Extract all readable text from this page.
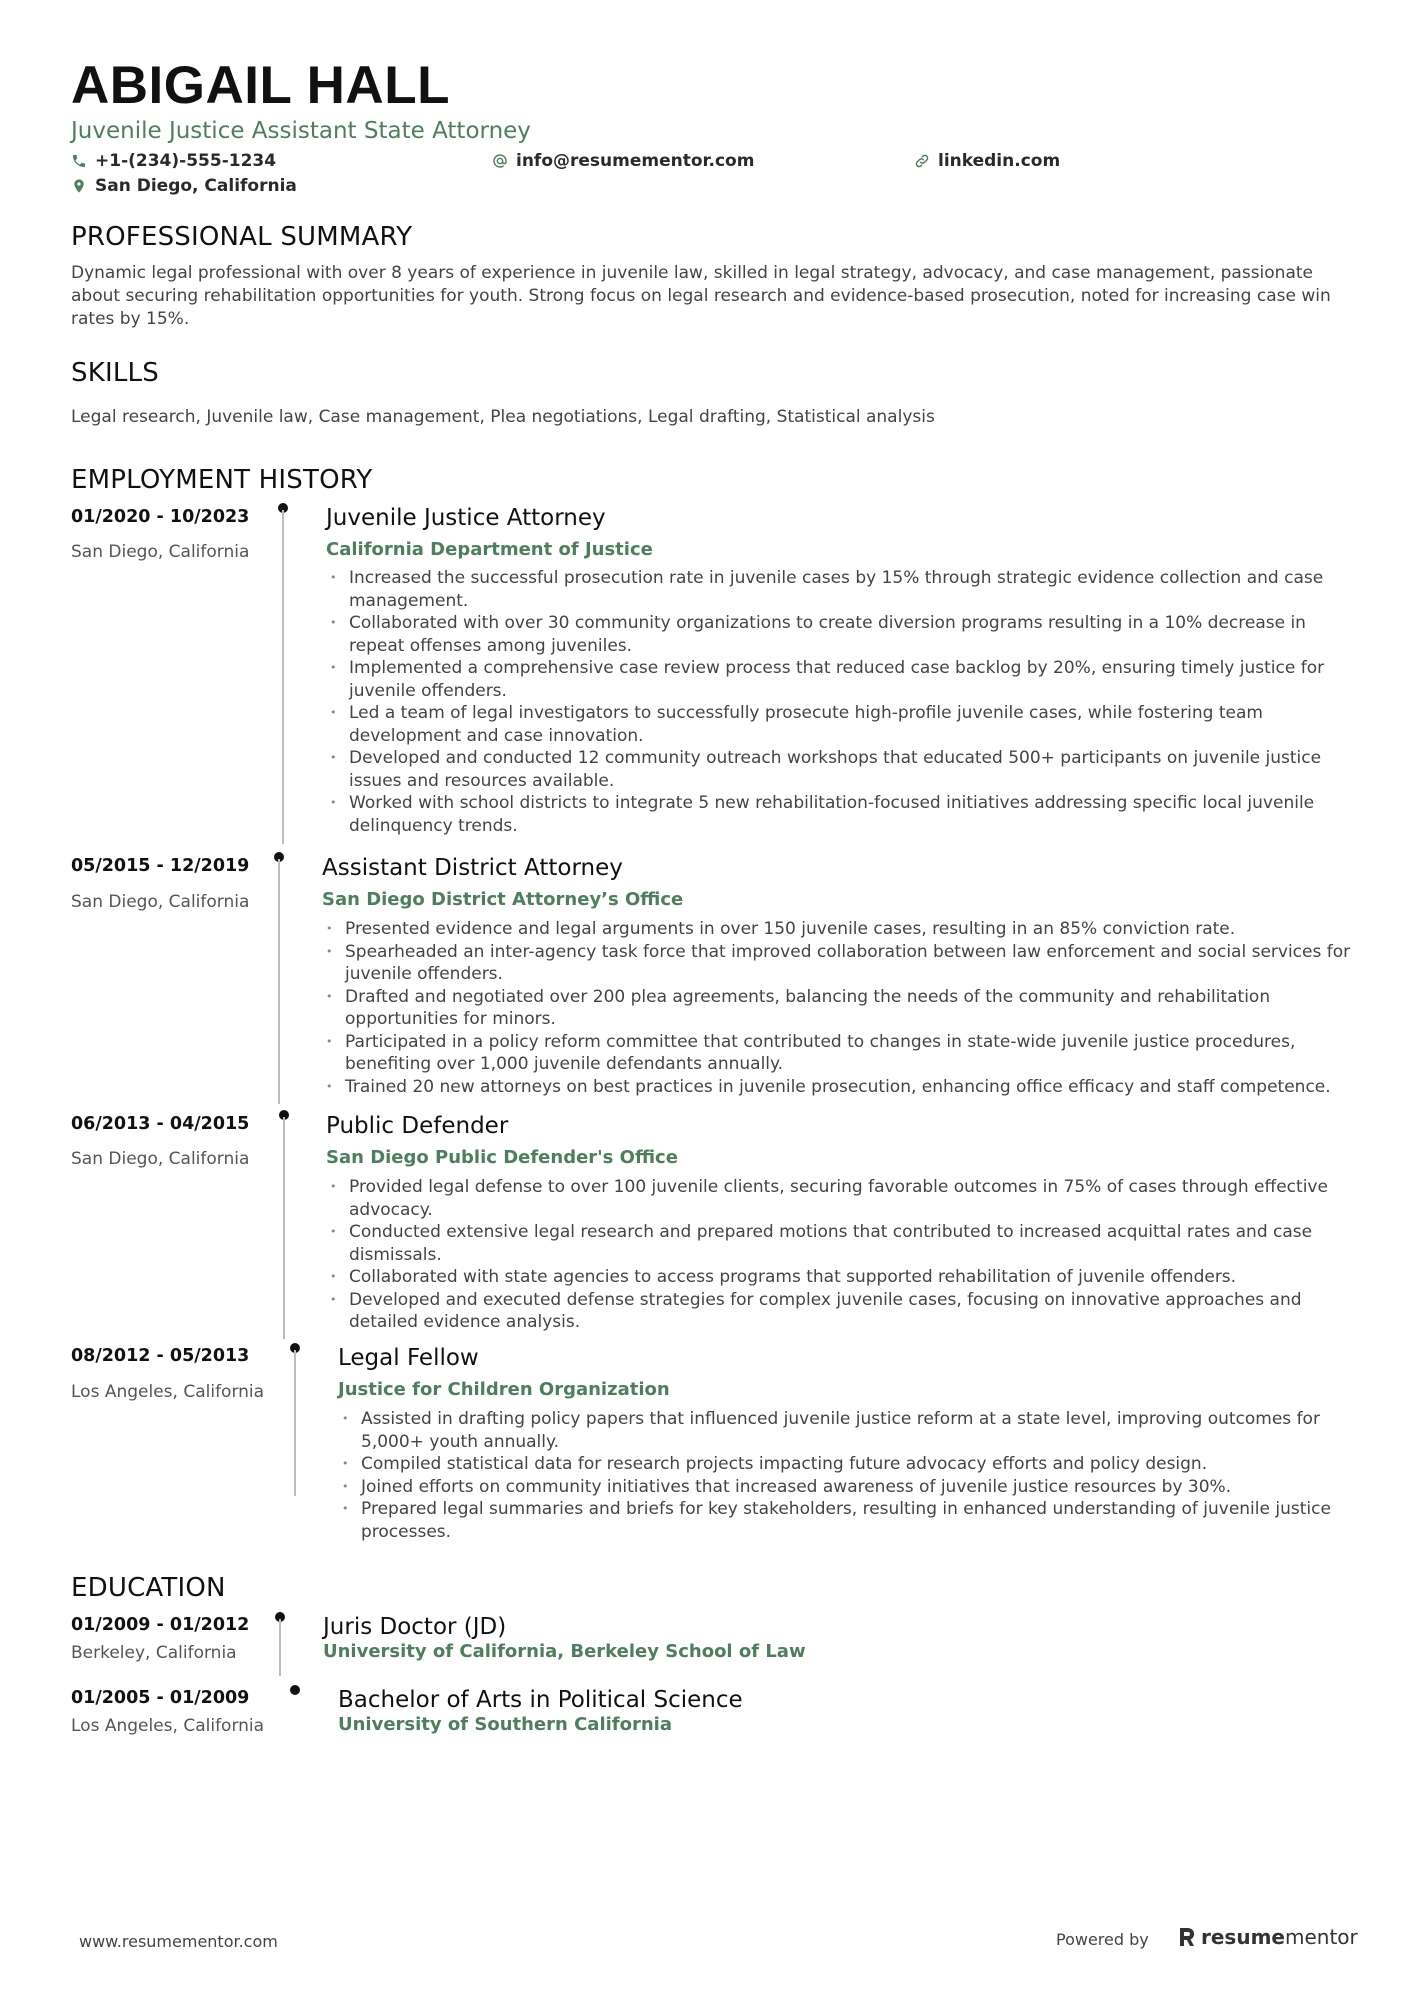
ABIGAIL HALL
Juvenile Justice Assistant State Attorney
+1-(234)-555-1234	info@resumementor.com	linkedin.com
San Diego, California
PROFESSIONAL SUMMARY
Dynamic legal professional with over 8 years of experience in juvenile law, skilled in legal strategy, advocacy, and case management, passionate about securing rehabilitation opportunities for youth. Strong focus on legal research and evidence-based prosecution, noted for increasing case win rates by 15%.
SKILLS
Legal research, Juvenile law, Case management, Plea negotiations, Legal drafting, Statistical analysis
EMPLOYMENT HISTORY
01/2020 - 10/2023
San Diego, California
Juvenile Justice Attorney
California Department of Justice
• Increased the successful prosecution rate in juvenile cases by 15% through strategic evidence collection and case management.
• Collaborated with over 30 community organizations to create diversion programs resulting in a 10% decrease in repeat offenses among juveniles.
• Implemented a comprehensive case review process that reduced case backlog by 20%, ensuring timely justice for juvenile offenders.
• Led a team of legal investigators to successfully prosecute high-profile juvenile cases, while fostering team development and case innovation.
• Developed and conducted 12 community outreach workshops that educated 500+ participants on juvenile justice issues and resources available.
• Worked with school districts to integrate 5 new rehabilitation-focused initiatives addressing specific local juvenile delinquency trends.
05/2015 - 12/2019
San Diego, California
Assistant District Attorney
San Diego District Attorney’s Office
• Presented evidence and legal arguments in over 150 juvenile cases, resulting in an 85% conviction rate.
• Spearheaded an inter-agency task force that improved collaboration between law enforcement and social services for juvenile offenders.
• Drafted and negotiated over 200 plea agreements, balancing the needs of the community and rehabilitation opportunities for minors.
• Participated in a policy reform committee that contributed to changes in state-wide juvenile justice procedures, benefiting over 1,000 juvenile defendants annually.
• Trained 20 new attorneys on best practices in juvenile prosecution, enhancing office efficacy and staff competence.
06/2013 - 04/2015
San Diego, California
Public Defender
San Diego Public Defender's Office
• Provided legal defense to over 100 juvenile clients, securing favorable outcomes in 75% of cases through effective advocacy.
• Conducted extensive legal research and prepared motions that contributed to increased acquittal rates and case dismissals.
• Collaborated with state agencies to access programs that supported rehabilitation of juvenile offenders.
• Developed and executed defense strategies for complex juvenile cases, focusing on innovative approaches and detailed evidence analysis.
08/2012 - 05/2013
Los Angeles, California
Legal Fellow
Justice for Children Organization
• Assisted in drafting policy papers that influenced juvenile justice reform at a state level, improving outcomes for 5,000+ youth annually.
• Compiled statistical data for research projects impacting future advocacy efforts and policy design.
• Joined efforts on community initiatives that increased awareness of juvenile justice resources by 30%.
• Prepared legal summaries and briefs for key stakeholders, resulting in enhanced understanding of juvenile justice processes.
EDUCATION
01/2009 - 01/2012
Berkeley, California
Juris Doctor (JD)
University of California, Berkeley School of Law
01/2005 - 01/2009
Los Angeles, California
Bachelor of Arts in Political Science
University of Southern California
www.resumementor.com	Powered by	resume mentor
